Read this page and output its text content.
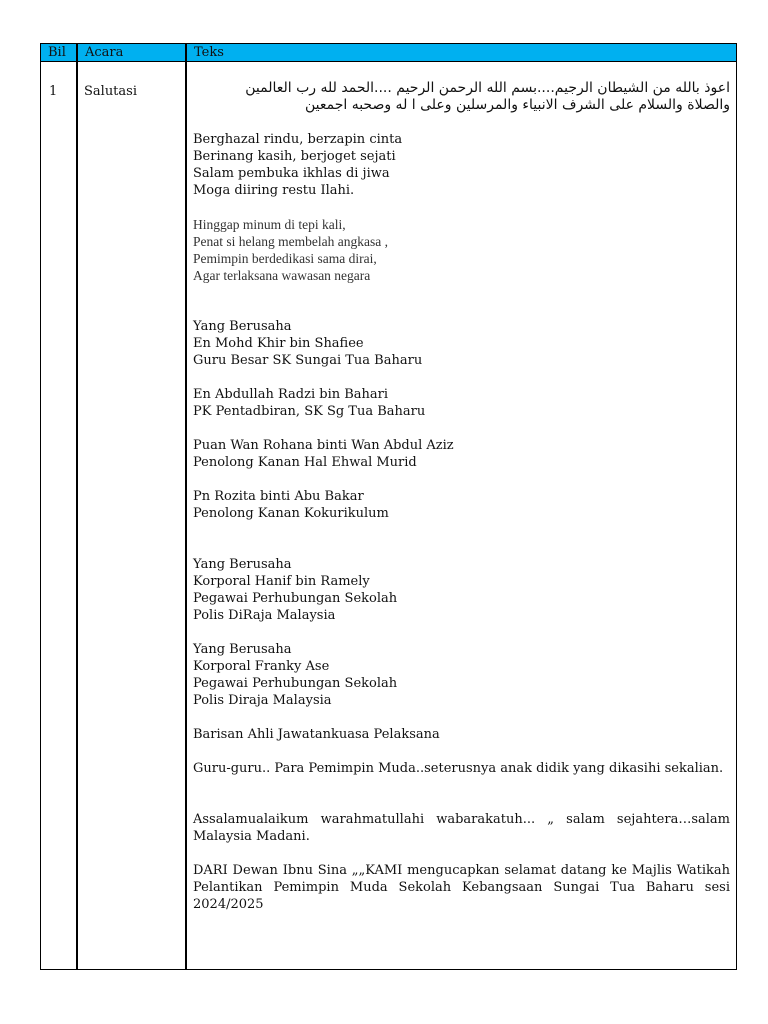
Bil Acara	Teks
1 Salutasi	اعوذ بالله من الشيطان الرجيم....بسم الله الرحمن الرحيم ....الحمد لله رب العالمين
والصلاة والسلام على الشرف الانبياء والمرسلين وعلى ا له وصحبه اجمعين
Berghazal rindu, berzapin cinta
Berinang kasih, berjoget sejati
Salam pembuka ikhlas di jiwa
Moga diiring restu Ilahi.
Hinggap minum di tepi kali,
Penat si helang membelah angkasa ,
Pemimpin berdedikasi sama dirai,
Agar terlaksana wawasan negara
Yang Berusaha
En Mohd Khir bin Shafiee
Guru Besar SK Sungai Tua Baharu
En Abdullah Radzi bin Bahari
PK Pentadbiran, SK Sg Tua Baharu
Puan Wan Rohana binti Wan Abdul Aziz
Penolong Kanan Hal Ehwal Murid
Pn Rozita binti Abu Bakar
Penolong Kanan Kokurikulum
Yang Berusaha
Korporal Hanif bin Ramely
Pegawai Perhubungan Sekolah
Polis DiRaja Malaysia
Yang Berusaha
Korporal Franky Ase
Pegawai Perhubungan Sekolah
Polis Diraja Malaysia
Barisan Ahli Jawatankuasa Pelaksana
Guru-guru.. Para Pemimpin Muda..seterusnya anak didik yang dikasihi sekalian.
Assalamualaikum warahmatullahi wabarakatuh... „ salam sejahtera…salam Malaysia Madani.
DARI Dewan Ibnu Sina „„KAMI mengucapkan selamat datang ke Majlis Watikah Pelantikan Pemimpin Muda Sekolah Kebangsaan Sungai Tua Baharu sesi 2024/2025
